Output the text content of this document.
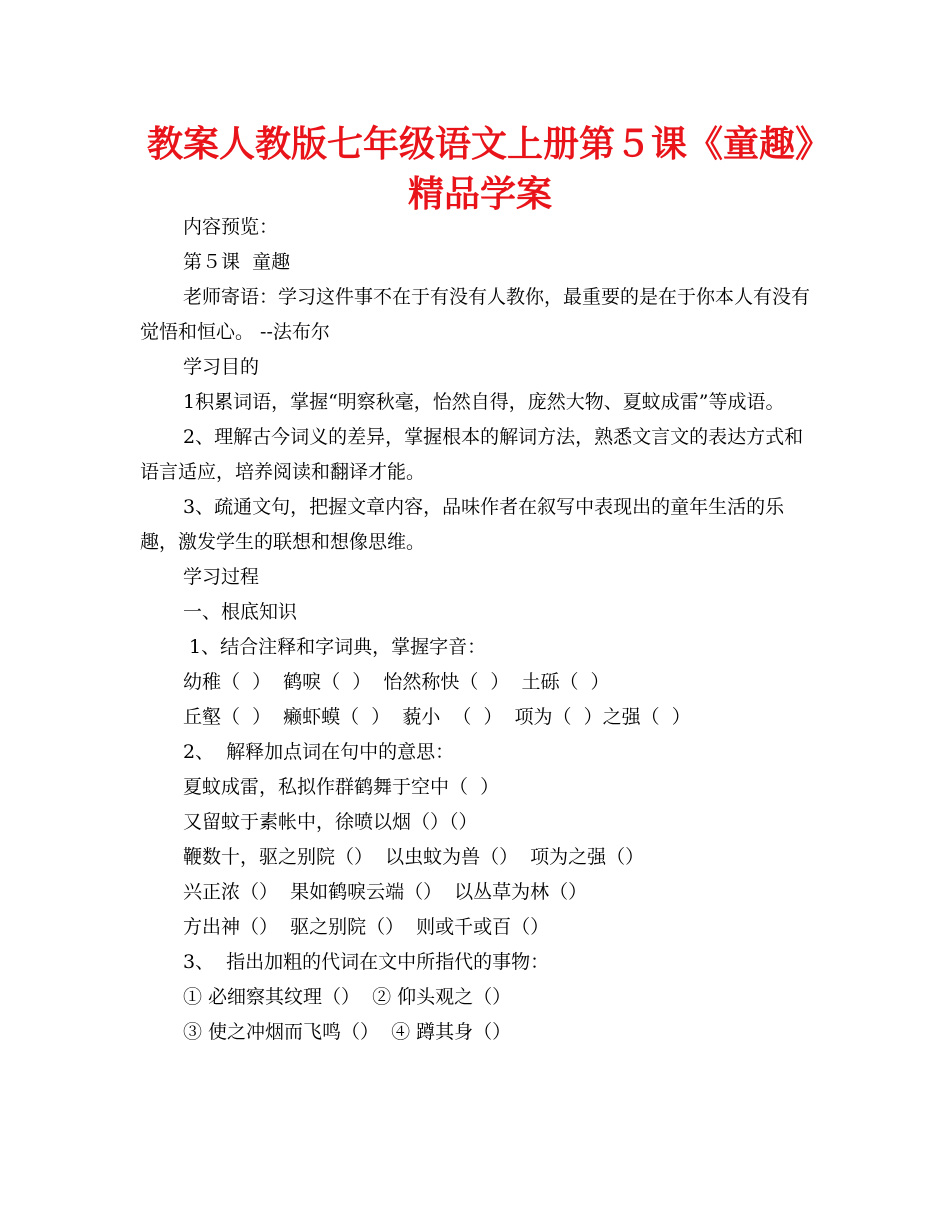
教案人教版七年级语文上册第５课《童趣》精品学案

内容预览：

第５课  童趣

老师寄语：学习这件事不在于有没有人教你，最重要的是在于你本人有没有觉悟和恒心。 --法布尔

学习目的

1积累词语，掌握“明察秋毫，怡然自得，庞然大物、夏蚊成雷”等成语。

2、理解古今词义的差异，掌握根本的解词方法，熟悉文言文的表达方式和语言适应，培养阅读和翻译才能。

3、疏通文句，把握文章内容，品味作者在叙写中表现出的童年生活的乐趣，激发学生的联想和想像思维。

学习过程

一、根底知识

1、结合注释和字词典，掌握字音：

幼稚（  ）  鹤唳（  ）  怡然称快（  ）  土砾（  ）

丘壑（  ）  癞虾蟆（  ）  藐小  （  ）  项为（  ）之强（  ）

2、  解释加点词在句中的意思：

夏蚊成雷，私拟作群鹤舞于空中（  ）

又留蚊于素帐中，徐喷以烟（）（）

鞭数十，驱之别院（）  以虫蚊为兽（）  项为之强（）

兴正浓（）  果如鹤唳云端（）  以丛草为林（）

方出神（）  驱之别院（）  则或千或百（）

3、  指出加粗的代词在文中所指代的事物：

① 必细察其纹理（）  ② 仰头观之（）

③ 使之冲烟而飞鸣（）  ④ 蹲其身（）
